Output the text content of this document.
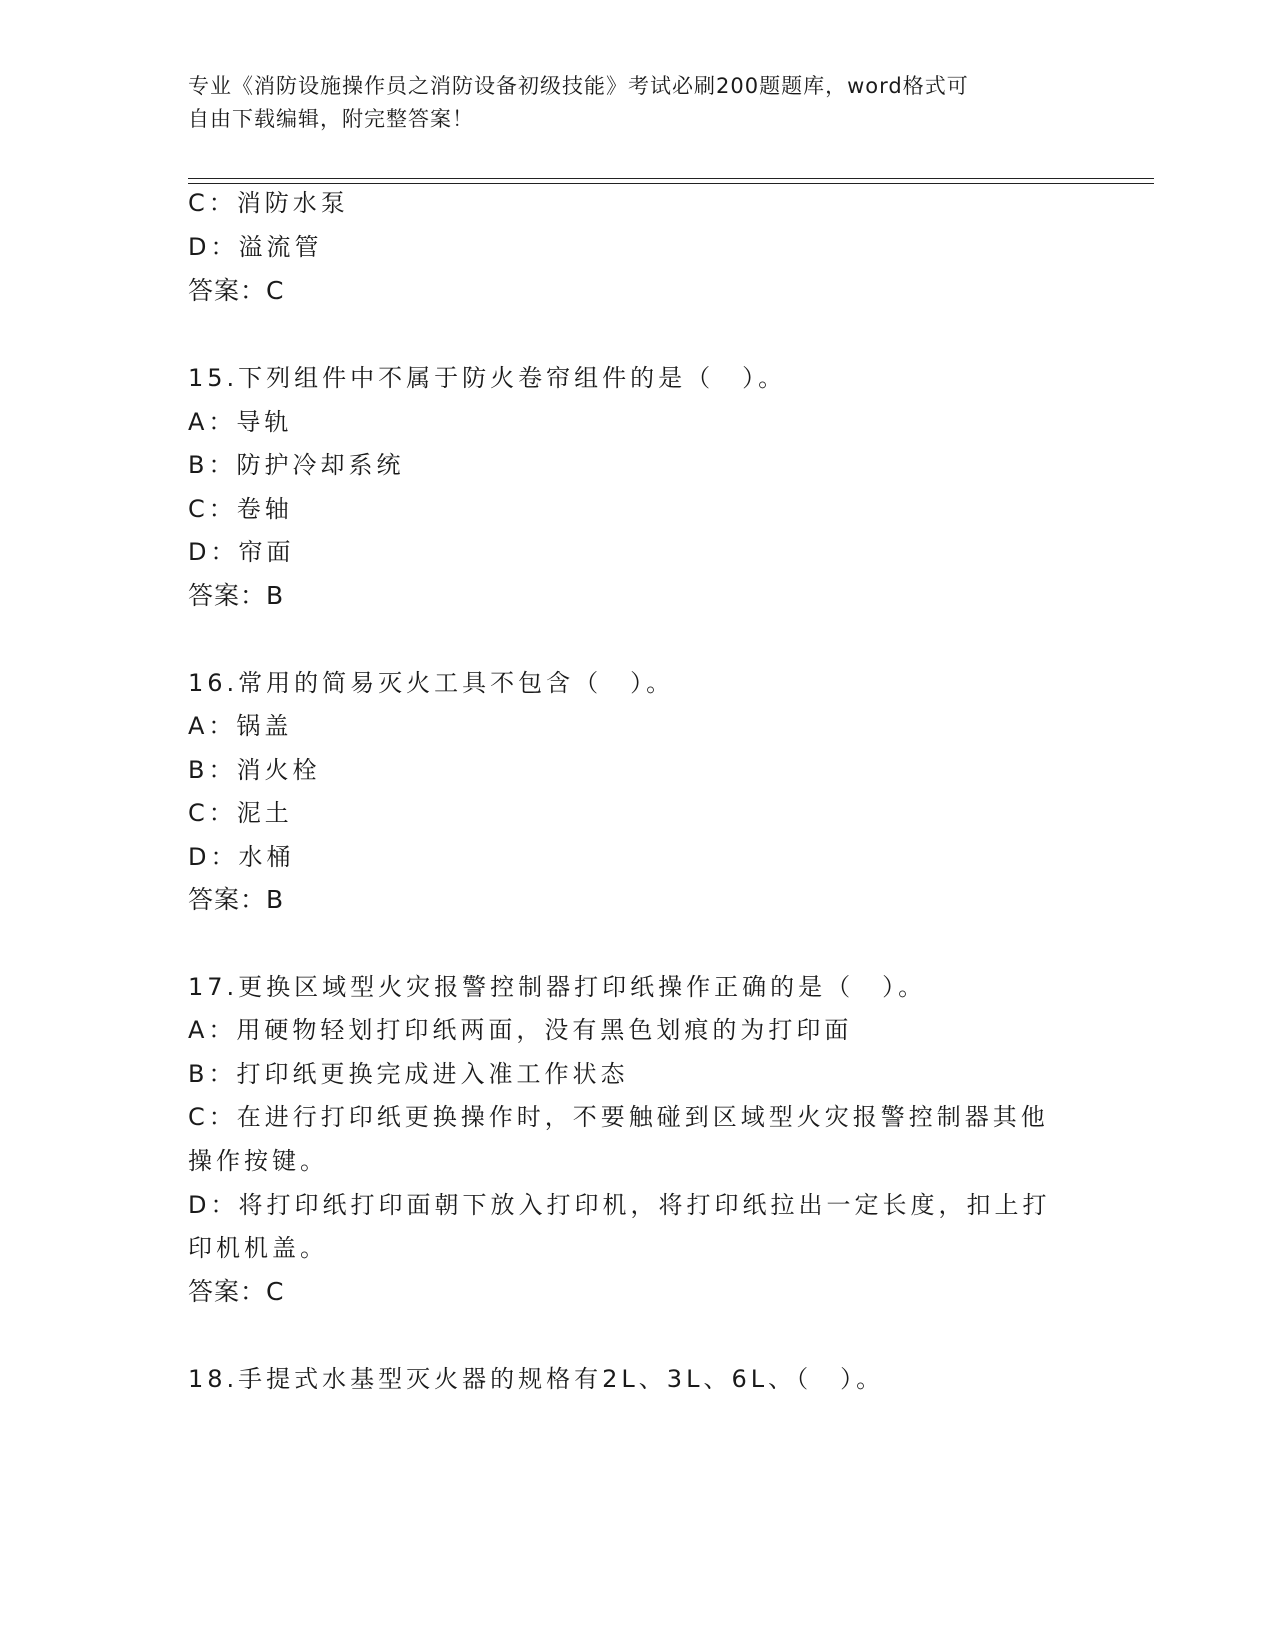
专业《消防设施操作员之消防设备初级技能》考试必刷200题题库，word格式可
自由下载编辑，附完整答案！
C：消防水泵
D：溢流管
答案：C
15.下列组件中不属于防火卷帘组件的是（　）。
A：导轨
B：防护冷却系统
C：卷轴
D：帘面
答案：B
16.常用的简易灭火工具不包含（　）。
A：锅盖
B：消火栓
C：泥土
D：水桶
答案：B
17.更换区域型火灾报警控制器打印纸操作正确的是（　）。
A：用硬物轻划打印纸两面，没有黑色划痕的为打印面
B：打印纸更换完成进入准工作状态
C：在进行打印纸更换操作时，不要触碰到区域型火灾报警控制器其他
操作按键。
D：将打印纸打印面朝下放入打印机，将打印纸拉出一定长度，扣上打
印机机盖。
答案：C
18.手提式水基型灭火器的规格有2L、3L、6L、（　）。
